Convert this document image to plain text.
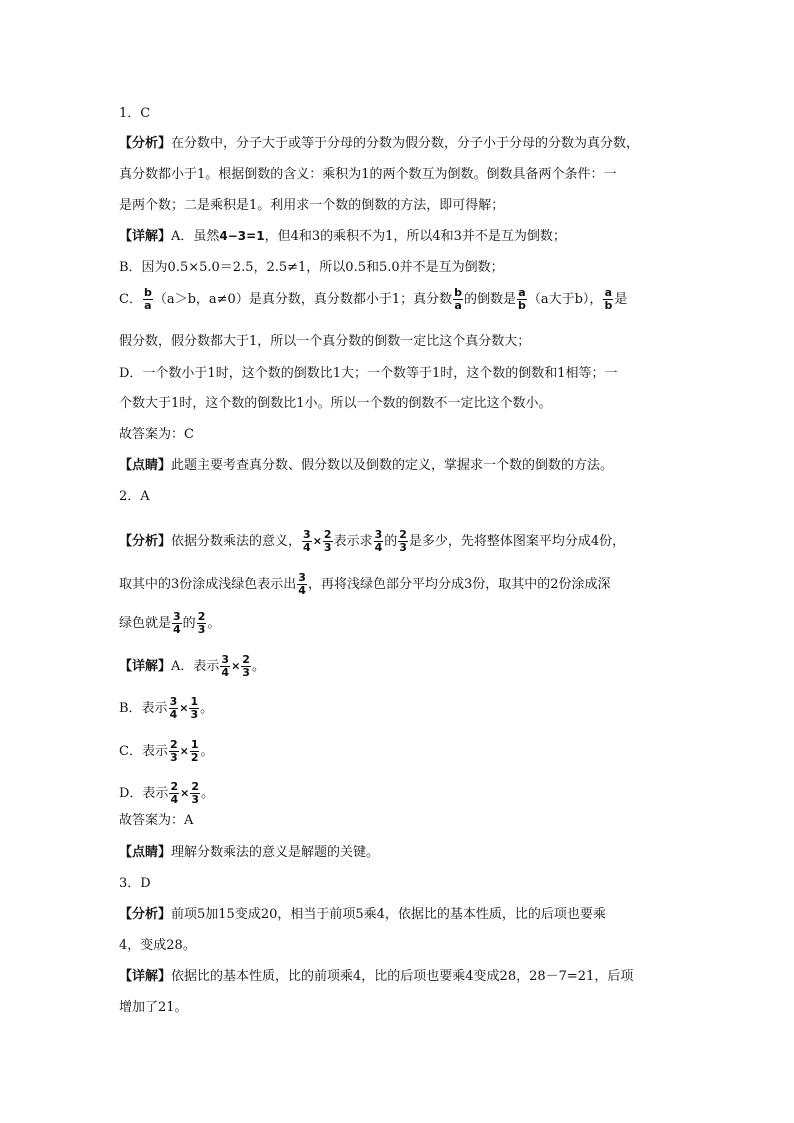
1．C
【分析】在分数中，分子大于或等于分母的分数为假分数，分子小于分母的分数为真分数，
真分数都小于1。根据倒数的含义：乘积为1的两个数互为倒数。倒数具备两个条件：一
是两个数；二是乘积是1。利用求一个数的倒数的方法，即可得解；
【详解】A．虽然4−3=1，但4和3的乘积不为1，所以4和3并不是互为倒数；
B．因为0.5×5.0＝2.5，2.5≠1，所以0.5和5.0并不是互为倒数；
C． $\frac{b}{a} (a>b$，a≠0）是真分数，真分数都小于1；真分数 $\frac{b}{a}$ 的倒数是 $\frac{a}{b} (a$大于b）， $\frac{a}{b}$ 是
假分数，假分数都大于1，所以一个真分数的倒数一定比这个真分数大；
D．一个数小于1时，这个数的倒数比1大；一个数等于1时，这个数的倒数和1相等；一
个数大于1时，这个数的倒数比1小。所以一个数的倒数不一定比这个数小。
故答案为：C
【点睛】此题主要考查真分数、假分数以及倒数的定义，掌握求一个数的倒数的方法。
2．A
【分析】依据分数乘法的意义， $\frac{3}{4} \times \frac{2}{3}$ 表示求 $\frac{3}{4}$ 的 $\frac{2}{3}$ 是多少，先将整体图案平均分成4份，
取其中的3份涂成浅绿色表示出 $\frac{3}{4}$ ，再将浅绿色部分平均分成3份，取其中的2份涂成深
绿色就是 $\frac{3}{4}$ 的 $\frac{2}{3}$ 。
【详解】A．表示 $\frac{3}{4} \times \frac{2}{3}$ 。
B．表示 $\frac{3}{4} \times \frac{1}{3}$ 。
C．表示 $\frac{2}{3} \times \frac{1}{2}$ 。
D．表示 $\frac{2}{4} \times \frac{2}{3}$ 。
故答案为：A
【点睛】理解分数乘法的意义是解题的关键。
3．D
【分析】前项5加15变成20，相当于前项5乘4，依据比的基本性质，比的后项也要乘
4，变成28。
【详解】依据比的基本性质，比的前项乘4，比的后项也要乘4变成28，28－7=21，后项
增加了21。
